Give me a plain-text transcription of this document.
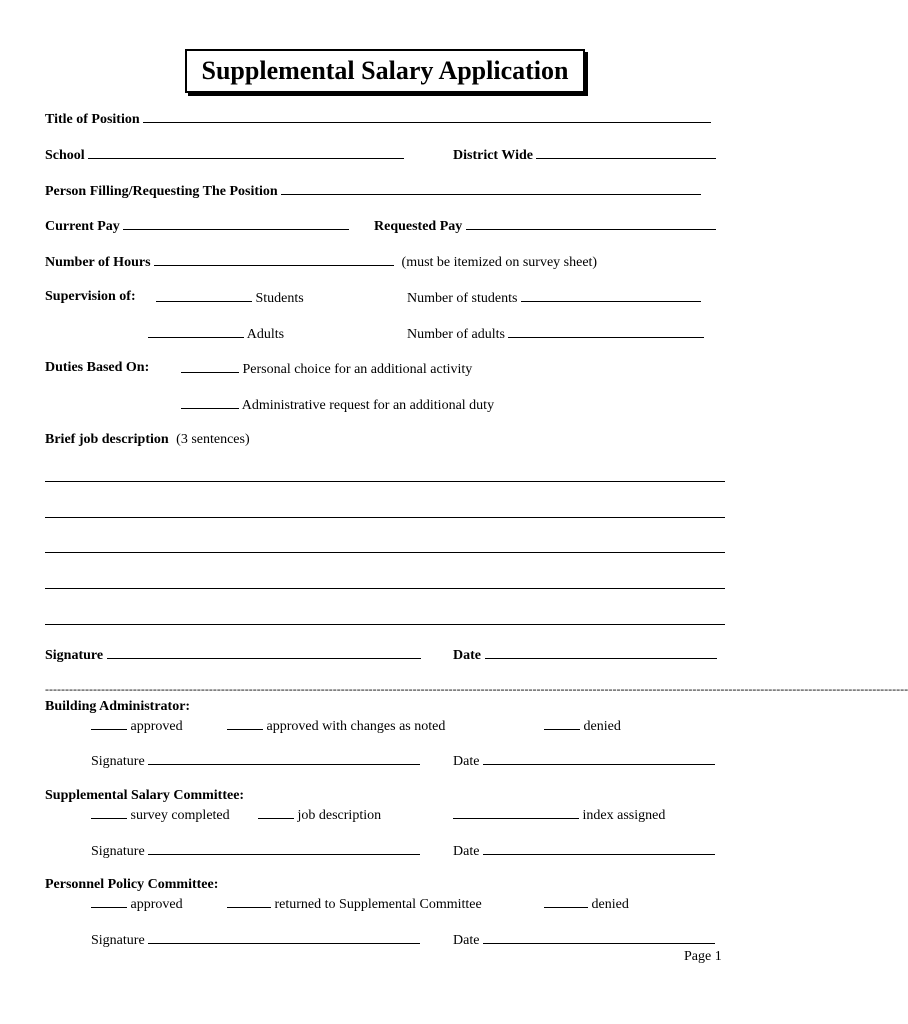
Supplemental Salary Application
Title of Position
School	District Wide
Person Filling/Requesting The Position
Current Pay	Requested Pay
Number of Hours	(must be itemized on survey sheet)
Supervision of:	Students	Number of students
Adults	Number of adults
Duties Based On:	Personal choice for an additional activity
Administrative request for an additional duty
Brief job description (3 sentences)
Signature	Date
------------------------------------------------------------------------------------------------------------------------------------------------------------------------------------------------------------------------
Building Administrator:
approved	approved with changes as noted	denied
Signature	Date
Supplemental Salary Committee:
survey completed	job description	index assigned
Signature	Date
Personnel Policy Committee:
approved	returned to Supplemental Committee	denied
Signature	Date
Page 1
